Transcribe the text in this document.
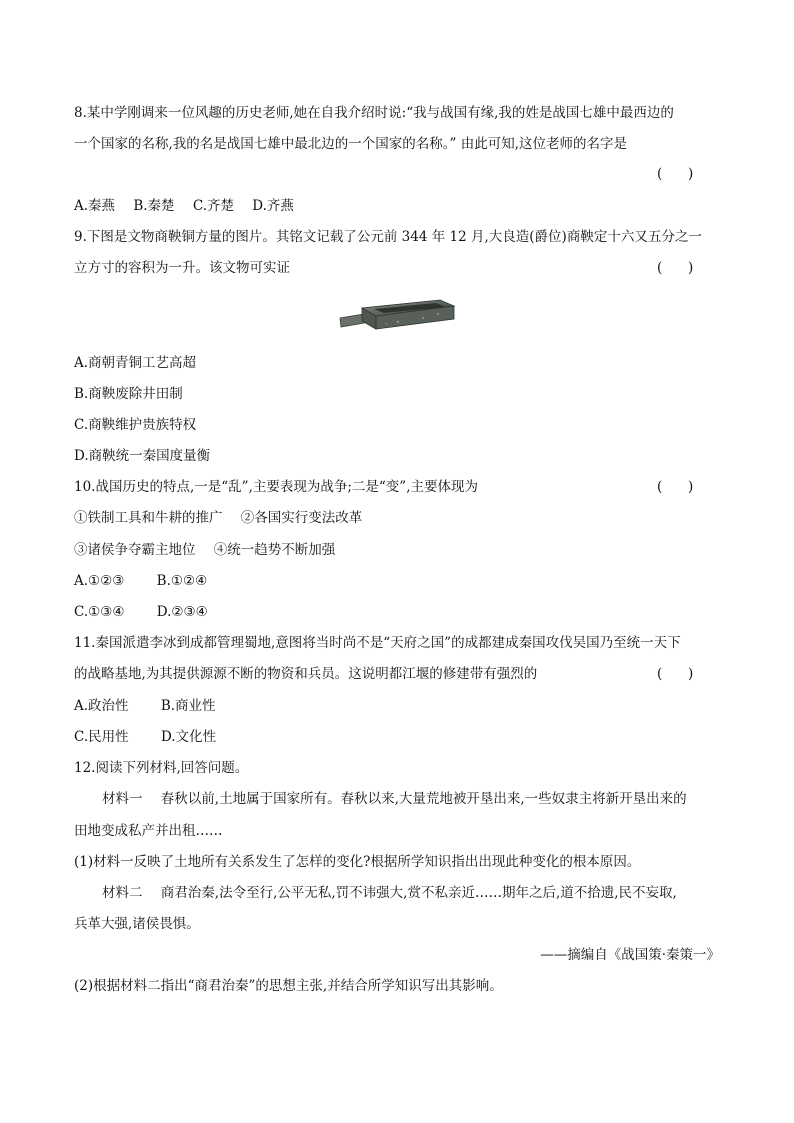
8.某中学刚调来一位风趣的历史老师,她在自我介绍时说:“我与战国有缘,我的姓是战国七雄中最西边的
一个国家的名称,我的名是战国七雄中最北边的一个国家的名称。” 由此可知,这位老师的名字是
(      )
A.秦燕 B.秦楚 C.齐楚 D.齐燕
9.下图是文物商鞅铜方量的图片。其铭文记载了公元前 344 年 12 月,大良造(爵位)商鞅定十六又五分之一
立方寸的容积为一升。该文物可实证	(      )
A.商朝青铜工艺高超
B.商鞅废除井田制
C.商鞅维护贵族特权
D.商鞅统一秦国度量衡
10.战国历史的特点,一是“乱”,主要表现为战争;二是“变”,主要体现为	(      )
①铁制工具和牛耕的推广 ②各国实行变法改革
③诸侯争夺霸主地位 ④统一趋势不断加强
A.①②③ B.①②④
C.①③④ D.②③④
11.秦国派遣李冰到成都管理蜀地,意图将当时尚不是“天府之国”的成都建成秦国攻伐吴国乃至统一天下
的战略基地,为其提供源源不断的物资和兵员。这说明都江堰的修建带有强烈的	(      )
A.政治性 B.商业性
C.民用性 D.文化性
12.阅读下列材料,回答问题。
材料一 春秋以前,土地属于国家所有。春秋以来,大量荒地被开垦出来,一些奴隶主将新开垦出来的
田地变成私产并出租……
(1)材料一反映了土地所有关系发生了怎样的变化?根据所学知识指出出现此种变化的根本原因。
材料二 商君治秦,法令至行,公平无私,罚不讳强大,赏不私亲近……期年之后,道不拾遗,民不妄取,
兵革大强,诸侯畏惧。
——摘编自《战国策·秦策一》
(2)根据材料二指出“商君治秦”的思想主张,并结合所学知识写出其影响。
